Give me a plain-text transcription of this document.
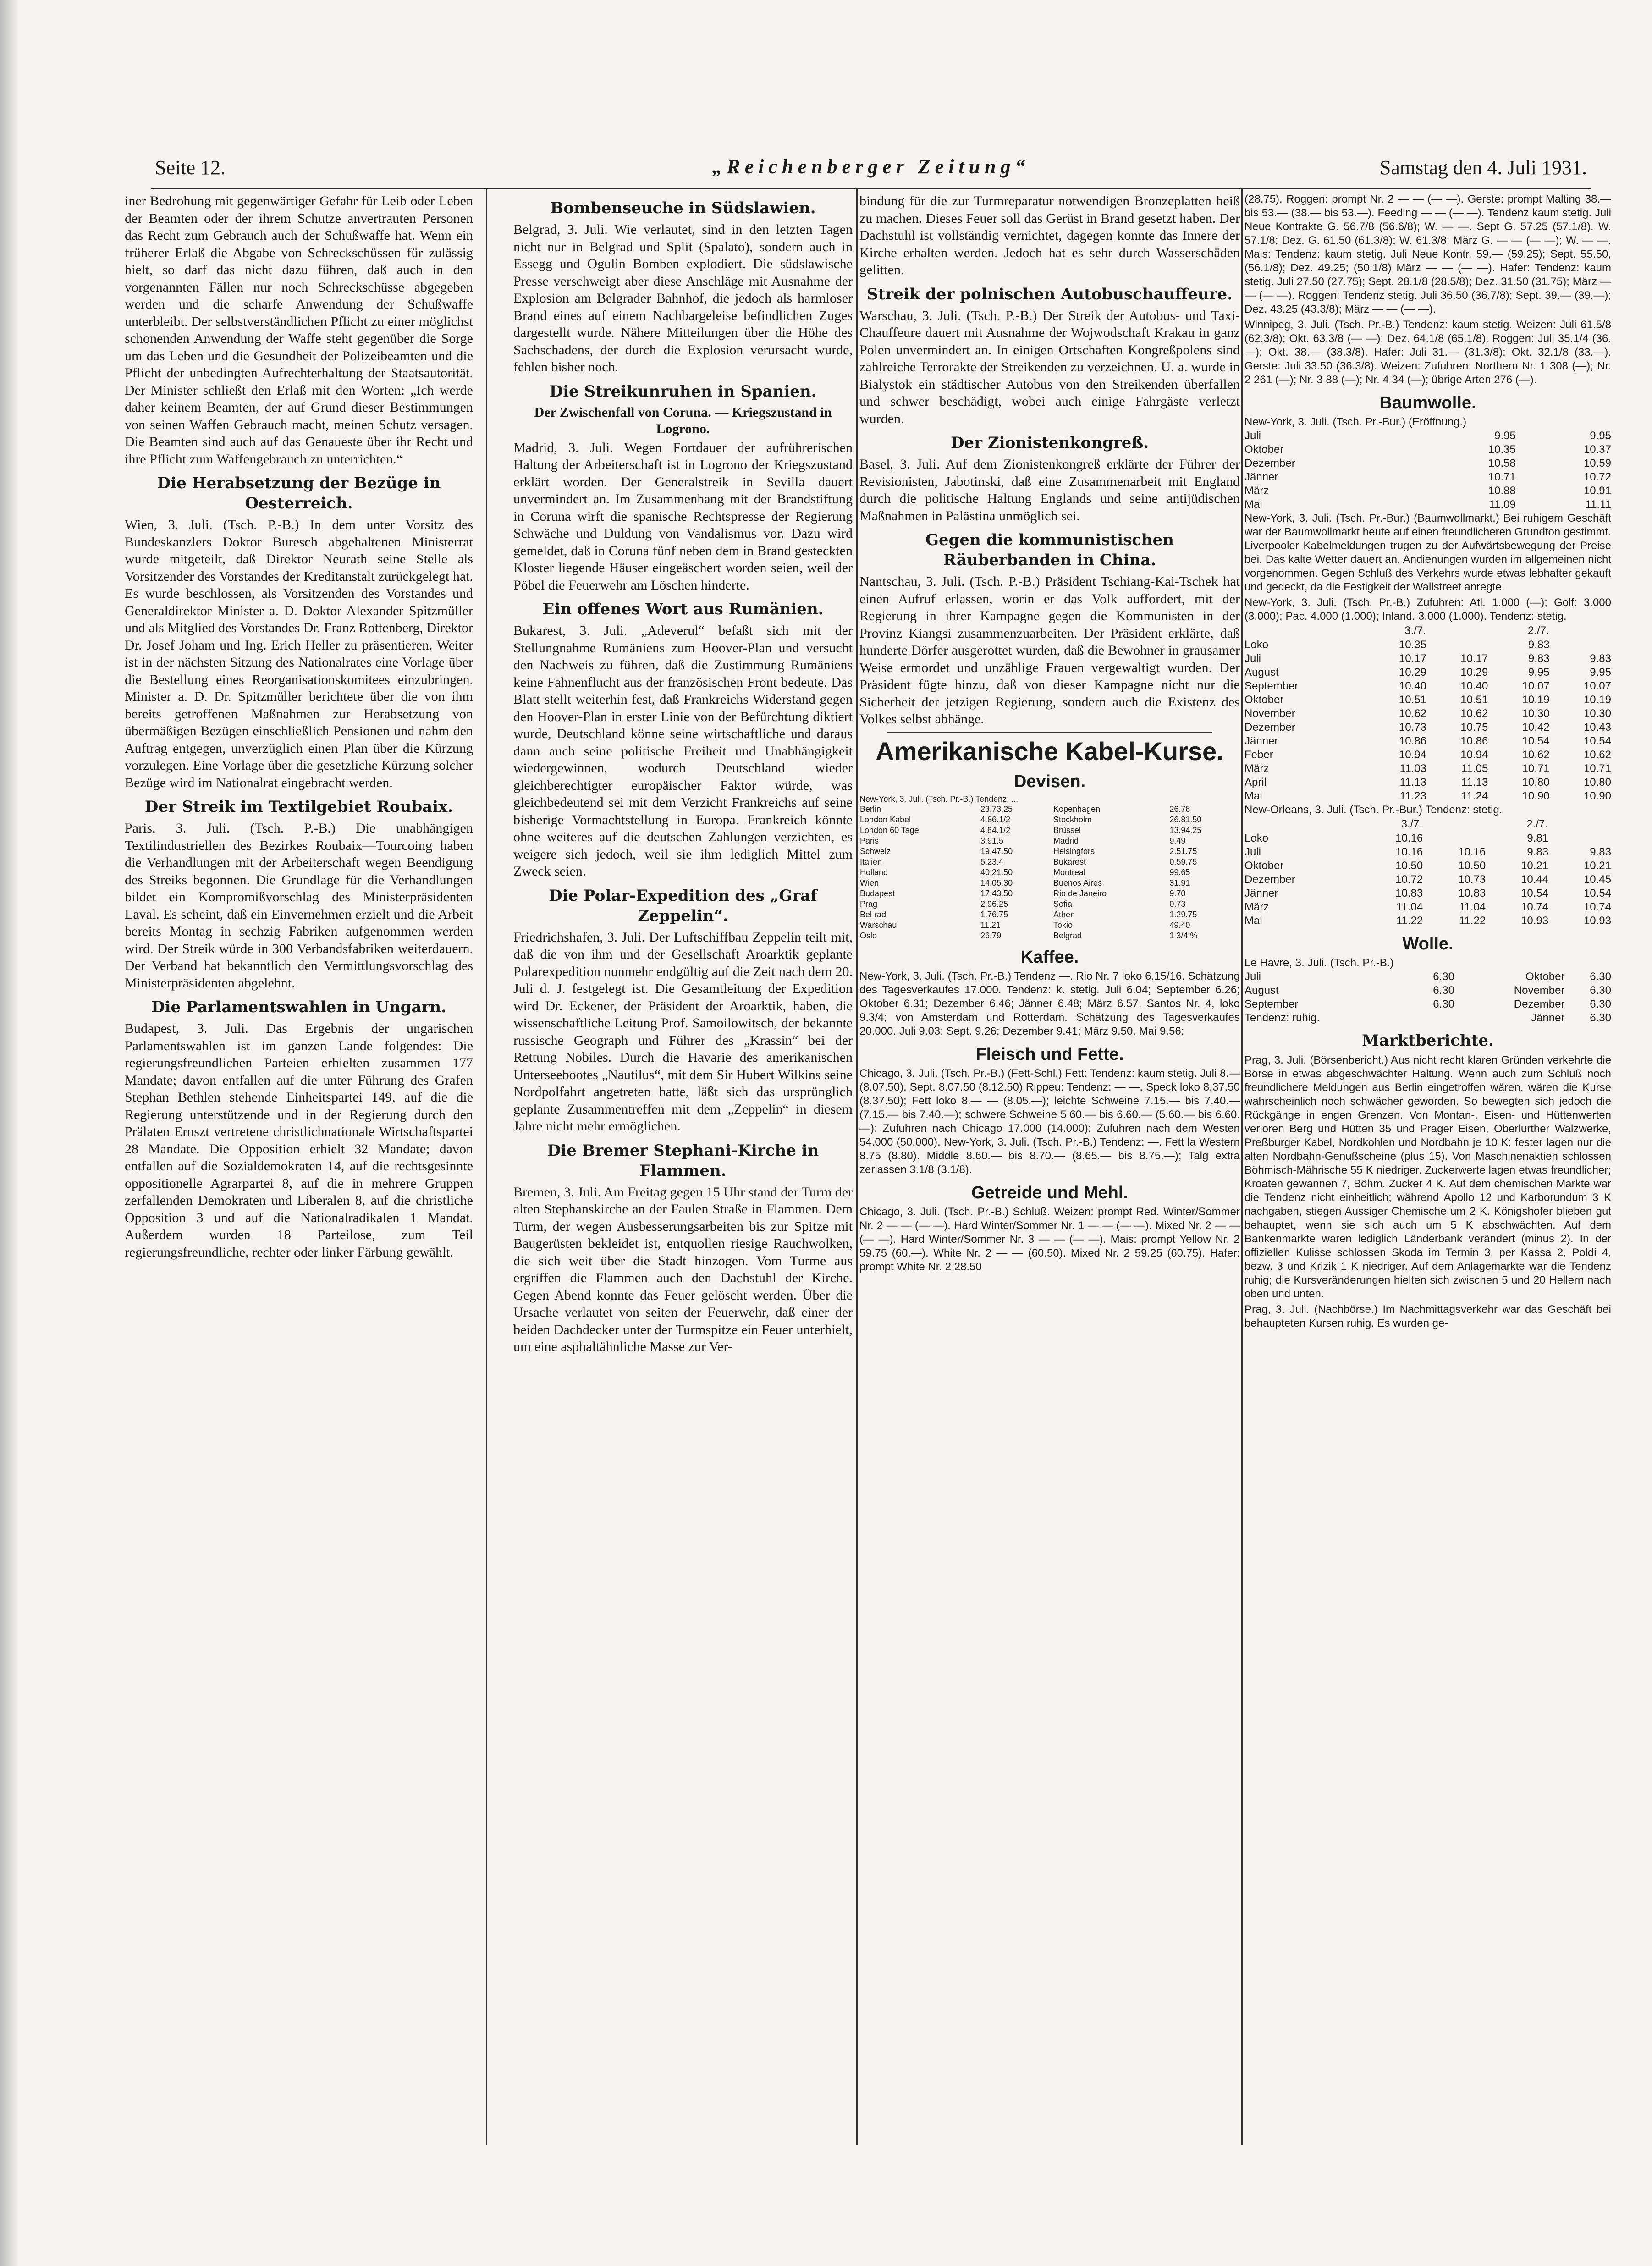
Seite 12.	„Reichenberger Zeitung“	Samstag den 4. Juli 1931.

iner Bedrohung mit gegenwärtiger Gefahr für Leib oder Leben der Beamten oder der ihrem Schutze anvertrauten Personen das Recht zum Gebrauch auch der Schußwaffe hat. Wenn ein früherer Erlaß die Abgabe von Schreckschüssen für zulässig hielt, so darf das nicht dazu führen, daß auch in den vorgenannten Fällen nur noch Schreckschüsse abgegeben werden und die scharfe Anwendung der Schußwaffe unterbleibt. Der selbstverständlichen Pflicht zu einer möglichst schonenden Anwendung der Waffe steht gegenüber die Sorge um das Leben und die Gesundheit der Polizeibeamten und die Pflicht der unbedingten Aufrechterhaltung der Staatsautorität. Der Minister schließt den Erlaß mit den Worten: „Ich werde daher keinem Beamten, der auf Grund dieser Bestimmungen von seinen Waffen Gebrauch macht, meinen Schutz versagen. Die Beamten sind auch auf das Genaueste über ihr Recht und ihre Pflicht zum Waffengebrauch zu unterrichten.“

Die Herabsetzung der Bezüge in Oesterreich.

Wien, 3. Juli. (Tsch. P.-B.) In dem unter Vorsitz des Bundeskanzlers Doktor Buresch abgehaltenen Ministerrat wurde mitgeteilt, daß Direktor Neurath seine Stelle als Vorsitzender des Vorstandes der Kreditanstalt zurückgelegt hat. Es wurde beschlossen, als Vorsitzenden des Vorstandes und Generaldirektor Minister a. D. Doktor Alexander Spitzmüller und als Mitglied des Vorstandes Dr. Franz Rottenberg, Direktor Dr. Josef Joham und Ing. Erich Heller zu präsentieren. Weiter ist in der nächsten Sitzung des Nationalrates eine Vorlage über die Bestellung eines Reorganisationskomitees einzubringen. Minister a. D. Dr. Spitzmüller berichtete über die von ihm bereits getroffenen Maßnahmen zur Herabsetzung von übermäßigen Bezügen einschließlich Pensionen und nahm den Auftrag entgegen, unverzüglich einen Plan über die Kürzung vorzulegen. Eine Vorlage über die gesetzliche Kürzung solcher Bezüge wird im Nationalrat eingebracht werden.

Der Streik im Textilgebiet Roubaix.

Paris, 3. Juli. (Tsch. P.-B.) Die unabhängigen Textilindustriellen des Bezirkes Roubaix—Tourcoing haben die Verhandlungen mit der Arbeiterschaft wegen Beendigung des Streiks begonnen. Die Grundlage für die Verhandlungen bildet ein Kompromißvorschlag des Ministerpräsidenten Laval. Es scheint, daß ein Einvernehmen erzielt und die Arbeit bereits Montag in sechzig Fabriken aufgenommen werden wird. Der Streik würde in 300 Verbandsfabriken weiterdauern. Der Verband hat bekanntlich den Vermittlungsvorschlag des Ministerpräsidenten abgelehnt.

Die Parlamentswahlen in Ungarn.

Budapest, 3. Juli. Das Ergebnis der ungarischen Parlamentswahlen ist im ganzen Lande folgendes: Die regierungsfreundlichen Parteien erhielten zusammen 177 Mandate; davon entfallen auf die unter Führung des Grafen Stephan Bethlen stehende Einheitspartei 149, auf die die Regierung unterstützende und in der Regierung durch den Prälaten Ernszt vertretene christlichnationale Wirtschaftspartei 28 Mandate. Die Opposition erhielt 32 Mandate; davon entfallen auf die Sozialdemokraten 14, auf die rechtsgesinnte oppositionelle Agrarpartei 8, auf die in mehrere Gruppen zerfallenden Demokraten und Liberalen 8, auf die christliche Opposition 3 und auf die Nationalradikalen 1 Mandat. Außerdem wurden 18 Parteilose, zum Teil regierungsfreundliche, rechter oder linker Färbung gewählt.

Bombenseuche in Südslawien.

Belgrad, 3. Juli. Wie verlautet, sind in den letzten Tagen nicht nur in Belgrad und Split (Spalato), sondern auch in Essegg und Ogulin Bomben explodiert. Die südslawische Presse verschweigt aber diese Anschläge mit Ausnahme der Explosion am Belgrader Bahnhof, die jedoch als harmloser Brand eines auf einem Nachbargeleise befindlichen Zuges dargestellt wurde. Nähere Mitteilungen über die Höhe des Sachschadens, der durch die Explosion verursacht wurde, fehlen bisher noch.

Die Streikunruhen in Spanien.
Der Zwischenfall von Coruna. — Kriegszustand in Logrono.

Madrid, 3. Juli. Wegen Fortdauer der aufrührerischen Haltung der Arbeiterschaft ist in Logrono der Kriegszustand erklärt worden. Der Generalstreik in Sevilla dauert unvermindert an. Im Zusammenhang mit der Brandstiftung in Coruna wirft die spanische Rechtspresse der Regierung Schwäche und Duldung von Vandalismus vor. Dazu wird gemeldet, daß in Coruna fünf neben dem in Brand gesteckten Kloster liegende Häuser eingeäschert worden seien, weil der Pöbel die Feuerwehr am Löschen hinderte.

Ein offenes Wort aus Rumänien.

Bukarest, 3. Juli. „Adeverul“ befaßt sich mit der Stellungnahme Rumäniens zum Hoover-Plan und versucht den Nachweis zu führen, daß die Zustimmung Rumäniens keine Fahnenflucht aus der französischen Front bedeute. Das Blatt stellt weiterhin fest, daß Frankreichs Widerstand gegen den Hoover-Plan in erster Linie von der Befürchtung diktiert wurde, Deutschland könne seine wirtschaftliche und daraus dann auch seine politische Freiheit und Unabhängigkeit wiedergewinnen, wodurch Deutschland wieder gleichberechtigter europäischer Faktor würde, was gleichbedeutend sei mit dem Verzicht Frankreichs auf seine bisherige Vormachtstellung in Europa. Frankreich könnte ohne weiteres auf die deutschen Zahlungen verzichten, es weigere sich jedoch, weil sie ihm lediglich Mittel zum Zweck seien.

Die Polar-Expedition des „Graf Zeppelin“.

Friedrichshafen, 3. Juli. Der Luftschiffbau Zeppelin teilt mit, daß die von ihm und der Gesellschaft Aroarktik geplante Polarexpedition nunmehr endgültig auf die Zeit nach dem 20. Juli d. J. festgelegt ist. Die Gesamtleitung der Expedition wird Dr. Eckener, der Präsident der Aroarktik, haben, die wissenschaftliche Leitung Prof. Samoilowitsch, der bekannte russische Geograph und Führer des „Krassin“ bei der Rettung Nobiles. Durch die Havarie des amerikanischen Unterseebootes „Nautilus“, mit dem Sir Hubert Wilkins seine Nordpolfahrt angetreten hatte, läßt sich das ursprünglich geplante Zusammentreffen mit dem „Zeppelin“ in diesem Jahre nicht mehr ermöglichen.

Die Bremer Stephani-Kirche in Flammen.

Bremen, 3. Juli. Am Freitag gegen 15 Uhr stand der Turm der alten Stephanskirche an der Faulen Straße in Flammen. Dem Turm, der wegen Ausbesserungsarbeiten bis zur Spitze mit Baugerüsten bekleidet ist, entquollen riesige Rauchwolken, die sich weit über die Stadt hinzogen. Vom Turme aus ergriffen die Flammen auch den Dachstuhl der Kirche. Gegen Abend konnte das Feuer gelöscht werden. Über die Ursache verlautet von seiten der Feuerwehr, daß einer der beiden Dachdecker unter der Turmspitze ein Feuer unterhielt, um eine asphaltähnliche Masse zur Ver-

bindung für die zur Turmreparatur notwendigen Bronzeplatten heiß zu machen. Dieses Feuer soll das Gerüst in Brand gesetzt haben. Der Dachstuhl ist vollständig vernichtet, dagegen konnte das Innere der Kirche erhalten werden. Jedoch hat es sehr durch Wasserschäden gelitten.

Streik der polnischen Autobuschauffeure.

Warschau, 3. Juli. (Tsch. P.-B.) Der Streik der Autobus- und Taxi-Chauffeure dauert mit Ausnahme der Wojwodschaft Krakau in ganz Polen unvermindert an. In einigen Ortschaften Kongreßpolens sind zahlreiche Terrorakte der Streikenden zu verzeichnen. U. a. wurde in Bialystok ein städtischer Autobus von den Streikenden überfallen und schwer beschädigt, wobei auch einige Fahrgäste verletzt wurden.

Der Zionistenkongreß.

Basel, 3. Juli. Auf dem Zionistenkongreß erklärte der Führer der Revisionisten, Jabotinski, daß eine Zusammenarbeit mit England durch die politische Haltung Englands und seine antijüdischen Maßnahmen in Palästina unmöglich sei.

Gegen die kommunistischen Räuberbanden in China.

Nantschau, 3. Juli. (Tsch. P.-B.) Präsident Tschiang-Kai-Tschek hat einen Aufruf erlassen, worin er das Volk auffordert, mit der Regierung in ihrer Kampagne gegen die Kommunisten in der Provinz Kiangsi zusammenzuarbeiten. Der Präsident erklärte, daß hunderte Dörfer ausgerottet wurden, daß die Bewohner in grausamer Weise ermordet und unzählige Frauen vergewaltigt wurden. Der Präsident fügte hinzu, daß von dieser Kampagne nicht nur die Sicherheit der jetzigen Regierung, sondern auch die Existenz des Volkes selbst abhänge.

Amerikanische Kabel-Kurse.
Devisen.
New-York, 3. Juli. (Tsch. Pr.-B.) Tendenz: ...
Berlin	23.73.25
London Kabel	4.86.1/2
London 60 Tage	4.84.1/2
Paris	3.91.5
Schweiz	19.47.50
Italien	5.23.4
Holland	40.21.50
Wien	14.05.30
Budapest	17.43.50
Prag	2.96.25
Bel rad	1.76.75
Warschau	11.21
Oslo	26.79
Kopenhagen	26.78
Stockholm	26.81.50
Brüssel	13.94.25
Madrid	9.49
Helsingfors	2.51.75
Bukarest	0.59.75
Montreal	99.65
Buenos Aires	31.91
Rio de Janeiro	9.70
Sofia	0.73
Athen	1.29.75
Tokio	49.40
Belgrad	1 3/4 %
Kaffee.

New-York, 3. Juli. (Tsch. Pr.-B.) Tendenz —. Rio Nr. 7 loko 6.15/16. Schätzung des Tagesverkaufes 17.000. Tendenz: k. stetig. Juli 6.04; September 6.26; Oktober 6.31; Dezember 6.46; Jänner 6.48; März 6.57. Santos Nr. 4, loko 9.3/4; von Amsterdam und Rotterdam. Schätzung des Tagesverkaufes 20.000. Juli 9.03; Sept. 9.26; Dezember 9.41; März 9.50. Mai 9.56;

Fleisch und Fette.

Chicago, 3. Juli. (Tsch. Pr.-B.) (Fett-Schl.) Fett: Tendenz: kaum stetig. Juli 8.— (8.07.50), Sept. 8.07.50 (8.12.50) Rippeu: Tendenz: — —. Speck loko 8.37.50 (8.37.50); Fett loko 8.— — (8.05.—); leichte Schweine 7.15.— bis 7.40.— (7.15.— bis 7.40.—); schwere Schweine 5.60.— bis 6.60.— (5.60.— bis 6.60.—); Zufuhren nach Chicago 17.000 (14.000); Zufuhren nach dem Westen 54.000 (50.000). New-York, 3. Juli. (Tsch. Pr.-B.) Tendenz: —. Fett la Western 8.75 (8.80). Middle 8.60.— bis 8.70.— (8.65.— bis 8.75.—); Talg extra zerlassen 3.1/8 (3.1/8).

Getreide und Mehl.

Chicago, 3. Juli. (Tsch. Pr.-B.) Schluß. Weizen: prompt Red. Winter/Sommer Nr. 2 — — (— —). Hard Winter/Sommer Nr. 1 — — (— —). Mixed Nr. 2 — — (— —). Hard Winter/Sommer Nr. 3 — — (— —). Mais: prompt Yellow Nr. 2 59.75 (60.—). White Nr. 2 — — (60.50). Mixed Nr. 2 59.25 (60.75). Hafer: prompt White Nr. 2 28.50

(28.75). Roggen: prompt Nr. 2 — — (— —). Gerste: prompt Malting 38.— bis 53.— (38.— bis 53.—). Feeding — — (— —). Tendenz kaum stetig. Juli Neue Kontrakte G. 56.7/8 (56.6/8); W. — —. Sept G. 57.25 (57.1/8). W. 57.1/8; Dez. G. 61.50 (61.3/8); W. 61.3/8; März G. — — (— —); W. — —. Mais: Tendenz: kaum stetig. Juli Neue Kontr. 59.— (59.25); Sept. 55.50, (56.1/8); Dez. 49.25; (50.1/8) März — — (— —). Hafer: Tendenz: kaum stetig. Juli 27.50 (27.75); Sept. 28.1/8 (28.5/8); Dez. 31.50 (31.75); März — — (— —). Roggen: Tendenz stetig. Juli 36.50 (36.7/8); Sept. 39.— (39.—); Dez. 43.25 (43.3/8); März — — (— —).

Winnipeg, 3. Juli. (Tsch. Pr.-B.) Tendenz: kaum stetig. Weizen: Juli 61.5/8 (62.3/8); Okt. 63.3/8 (— —); Dez. 64.1/8 (65.1/8). Roggen: Juli 35.1/4 (36.—); Okt. 38.— (38.3/8). Hafer: Juli 31.— (31.3/8); Okt. 32.1/8 (33.—). Gerste: Juli 33.50 (36.3/8). Weizen: Zufuhren: Northern Nr. 1 308 (—); Nr. 2 261 (—); Nr. 3 88 (—); Nr. 4 34 (—); übrige Arten 276 (—).

Baumwolle.
New-York, 3. Juli. (Tsch. Pr.-Bur.) (Eröffnung.)
Juli	9.95	9.95
Oktober	10.35	10.37
Dezember	10.58	10.59
Jänner	10.71	10.72
März	10.88	10.91
Mai	11.09	11.11

New-York, 3. Juli. (Tsch. Pr.-Bur.) (Baumwollmarkt.) Bei ruhigem Geschäft war der Baumwollmarkt heute auf einen freundlicheren Grundton gestimmt. Liverpooler Kabelmeldungen trugen zu der Aufwärtsbewegung der Preise bei. Das kalte Wetter dauert an. Andienungen wurden im allgemeinen nicht vorgenommen. Gegen Schluß des Verkehrs wurde etwas lebhafter gekauft und gedeckt, da die Festigkeit der Wallstreet anregte.

New-York, 3. Juli. (Tsch. Pr.-B.) Zufuhren: Atl. 1.000 (—); Golf: 3.000 (3.000); Pac. 4.000 (1.000); Inland. 3.000 (1.000). Tendenz: stetig.
	3./7.		2./7.	
Loko	10.35		9.83	
Juli	10.17	10.17	9.83	9.83
August	10.29	10.29	9.95	9.95
September	10.40	10.40	10.07	10.07
Oktober	10.51	10.51	10.19	10.19
November	10.62	10.62	10.30	10.30
Dezember	10.73	10.75	10.42	10.43
Jänner	10.86	10.86	10.54	10.54
Feber	10.94	10.94	10.62	10.62
März	11.03	11.05	10.71	10.71
April	11.13	11.13	10.80	10.80
Mai	11.23	11.24	10.90	10.90
New-Orleans, 3. Juli. (Tsch. Pr.-Bur.) Tendenz: stetig.
	3./7.		2./7.	
Loko	10.16		9.81	
Juli	10.16	10.16	9.83	9.83
Oktober	10.50	10.50	10.21	10.21
Dezember	10.72	10.73	10.44	10.45
Jänner	10.83	10.83	10.54	10.54
März	11.04	11.04	10.74	10.74
Mai	11.22	11.22	10.93	10.93
Wolle.
Le Havre, 3. Juli. (Tsch. Pr.-B.)
Juli	6.30	Oktober	6.30
August	6.30	November	6.30
September	6.30	Dezember	6.30
Tendenz: ruhig.		Jänner	6.30
Marktberichte.

Prag, 3. Juli. (Börsenbericht.) Aus nicht recht klaren Gründen verkehrte die Börse in etwas abgeschwächter Haltung. Wenn auch zum Schluß noch freundlichere Meldungen aus Berlin eingetroffen wären, wären die Kurse wahrscheinlich noch schwächer geworden. So bewegten sich jedoch die Rückgänge in engen Grenzen. Von Montan-, Eisen- und Hüttenwerten verloren Berg und Hütten 35 und Prager Eisen, Oberlurther Walzwerke, Preßburger Kabel, Nordkohlen und Nordbahn je 10 K; fester lagen nur die alten Nordbahn-Genußscheine (plus 15). Von Maschinenaktien schlossen Böhmisch-Mährische 55 K niedriger. Zuckerwerte lagen etwas freundlicher; Kroaten gewannen 7, Böhm. Zucker 4 K. Auf dem chemischen Markte war die Tendenz nicht einheitlich; während Apollo 12 und Karborundum 3 K nachgaben, stiegen Aussiger Chemische um 2 K. Königshofer blieben gut behauptet, wenn sie sich auch um 5 K abschwächten. Auf dem Bankenmarkte waren lediglich Länderbank verändert (minus 2). In der offiziellen Kulisse schlossen Skoda im Termin 3, per Kassa 2, Poldi 4, bezw. 3 und Krizik 1 K niedriger. Auf dem Anlagemarkte war die Tendenz ruhig; die Kursveränderungen hielten sich zwischen 5 und 20 Hellern nach oben und unten.

Prag, 3. Juli. (Nachbörse.) Im Nachmittagsverkehr war das Geschäft bei behaupteten Kursen ruhig. Es wurden ge-
